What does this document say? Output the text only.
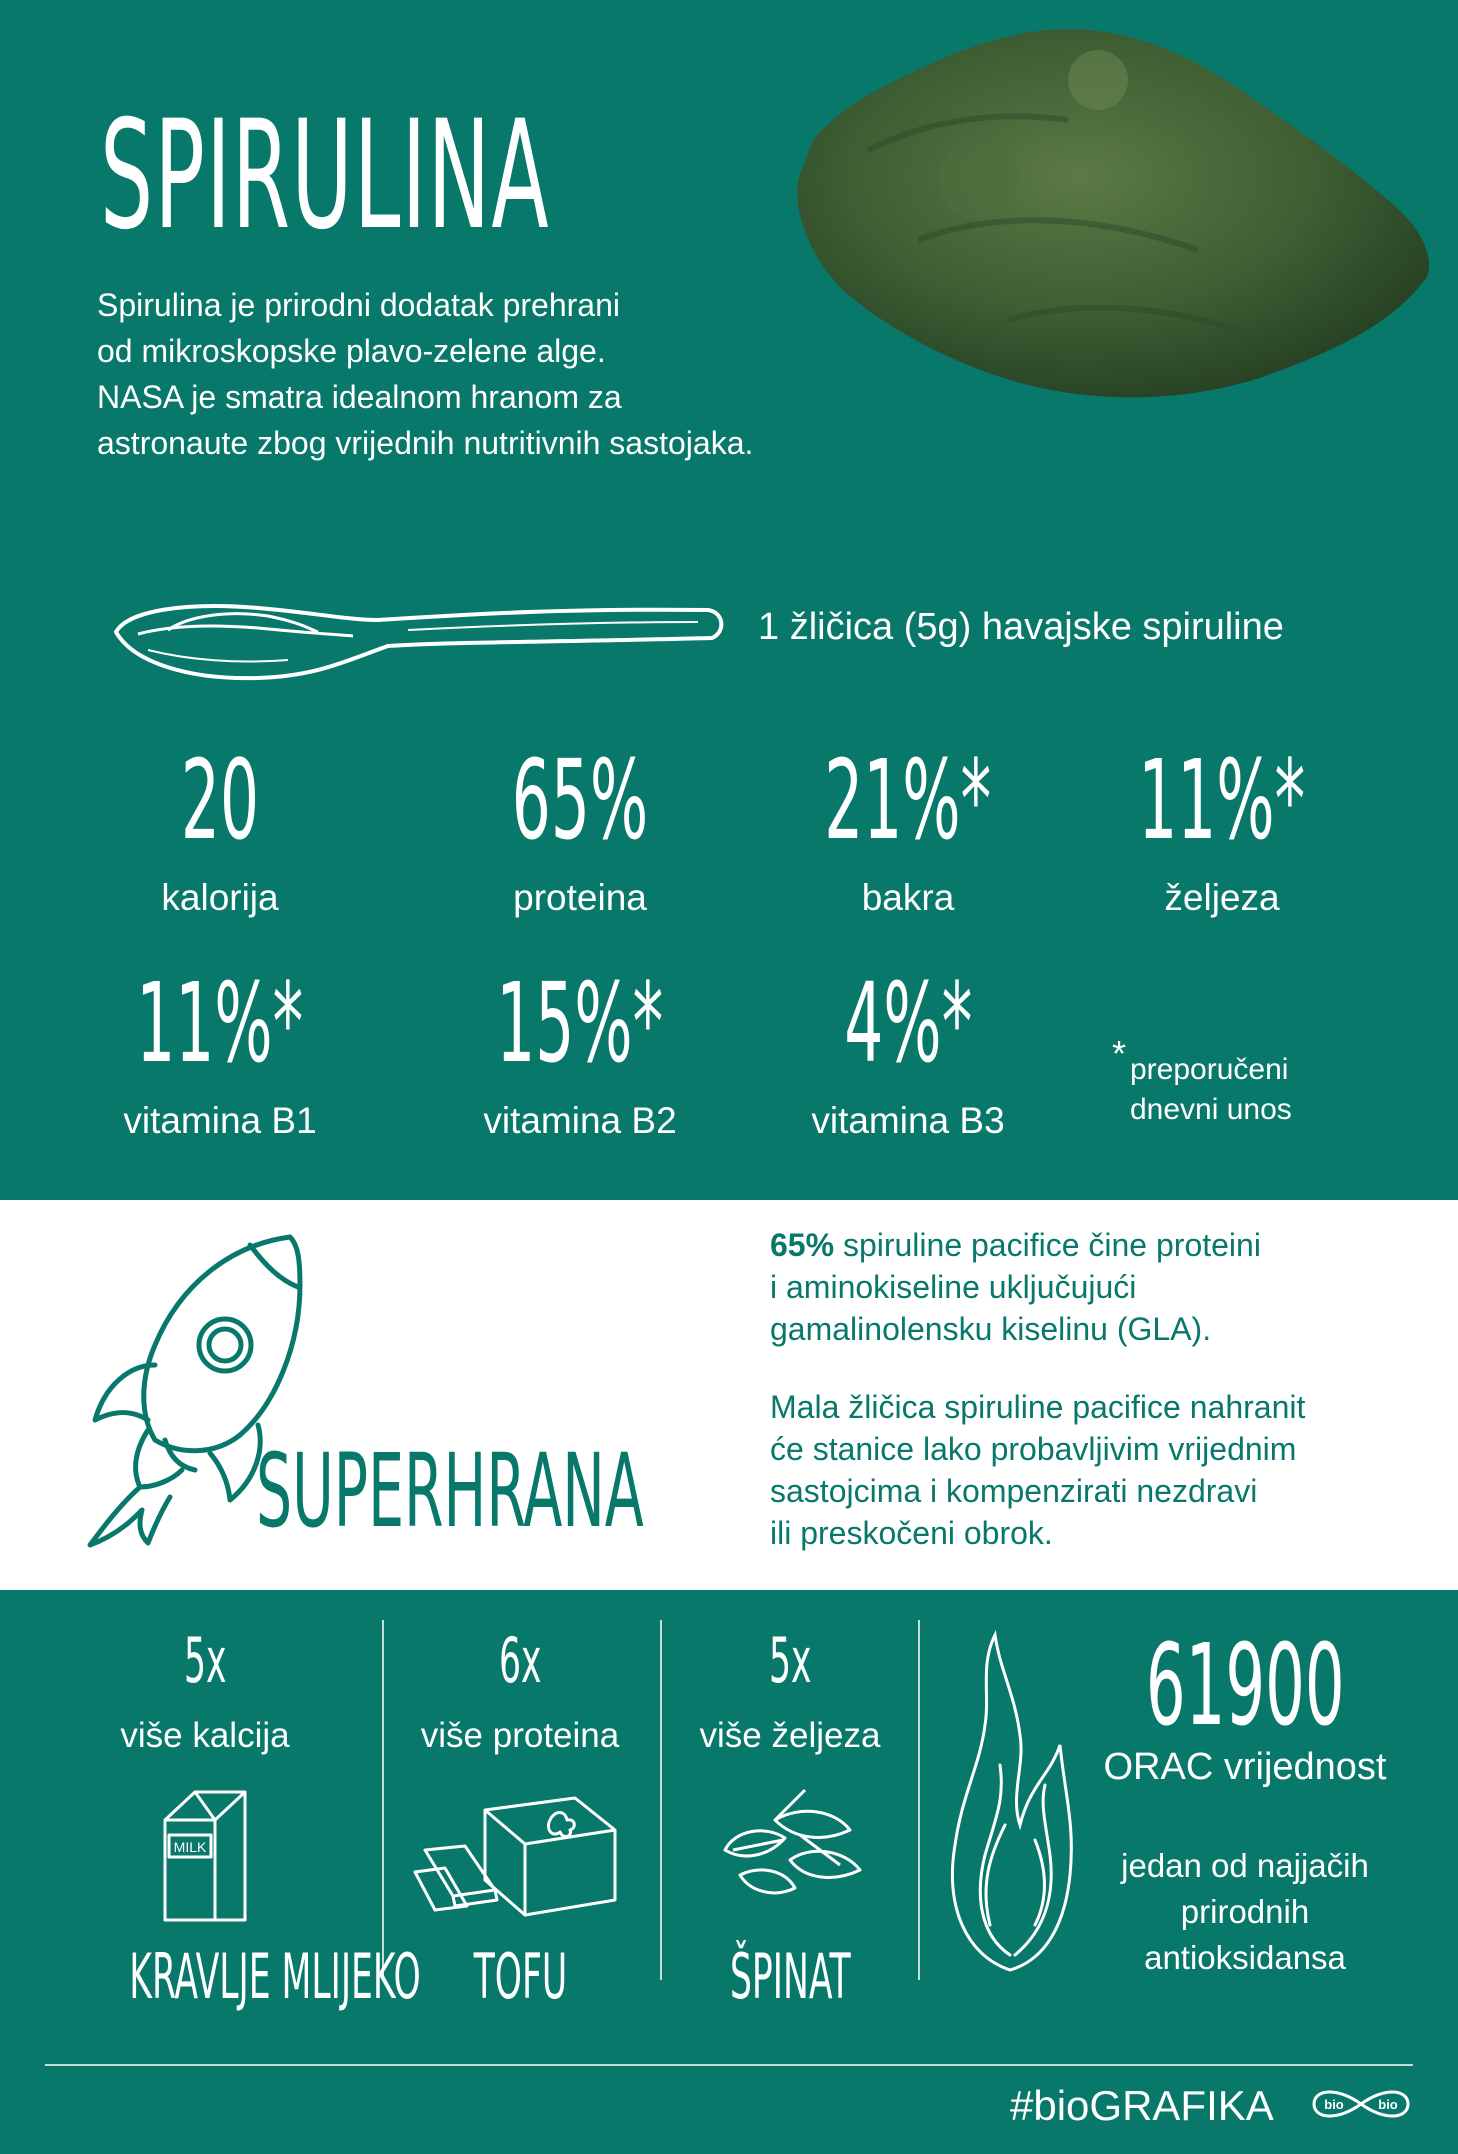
SPIRULINA
Spirulina je prirodni dodatak prehrani
od mikroskopske plavo-zelene alge.
NASA je smatra idealnom hranom za
astronaute zbog vrijednih nutritivnih sastojaka.
1 žličica (5g) havajske spiruline
20
kalorija
65%
proteina
21%*
bakra
11%*
željeza
11%*
vitamina B1
15%*
vitamina B2
4%*
vitamina B3
* preporučeni
dnevni unos
SUPERHRANA
65% spiruline pacifice čine proteini
i aminokiseline uključujući
gamalinolensku kiselinu (GLA).
Mala žličica spiruline pacifice nahranit
će stanice lako probavljivim vrijednim
sastojcima i kompenzirati nezdravi
ili preskočeni obrok.
5x
više kalcija
MILK
KRAVLJE MLIJEKO
6x
više proteina
TOFU
5x
više željeza
ŠPINAT
61900
ORAC vrijednost
jedan od najjačih
prirodnih
antioksidansa
#bioGRAFIKA	bio	bio
